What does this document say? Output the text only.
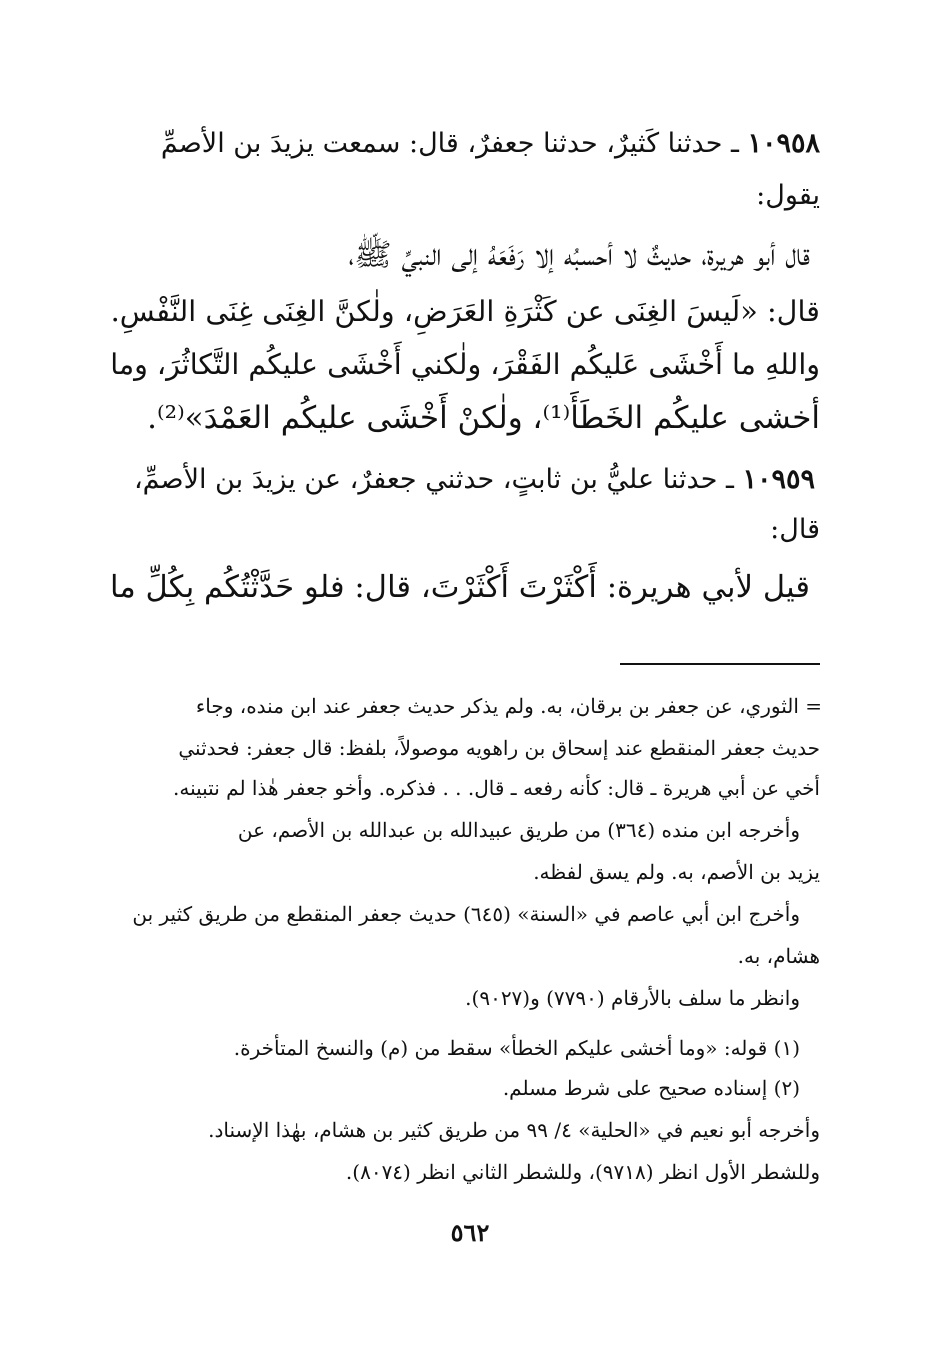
١٠٩٥٨ ـ حدثنا كَثيرٌ، حدثنا جعفرٌ، قال: سمعت يزيدَ بن الأصمِّ
يقول:
قال أبو هريرة، حديثٌ لا أحسبُه إلا رَفَعَهُ إلى النبيِّ ﷺ،
قال: «لَيسَ الغِنَى عن كَثْرَةِ العَرَضِ، ولٰكنَّ الغِنَى غِنَى النَّفْسِ.
واللهِ ما أَخْشَى عَليكُم الفَقْرَ، ولٰكني أَخْشَى عليكُم التَّكاثُرَ، وما
أخشى عليكُم الخَطَأَ⁽¹⁾، ولٰكنْ أَخْشَى عليكُم العَمْدَ»⁽²⁾.
١٠٩٥٩ ـ حدثنا عليُّ بن ثابتٍ، حدثني جعفرٌ، عن يزيدَ بن الأصمِّ،
قال:
قيل لأبي هريرة: أَكْثَرْتَ أَكْثَرْتَ، قال: فلو حَدَّثْتُكُم بِكُلِّ ما
= الثوري، عن جعفر بن برقان، به. ولم يذكر حديث جعفر عند ابن منده، وجاء
حديث جعفر المنقطع عند إسحاق بن راهويه موصولاً، بلفظ: قال جعفر: فحدثني
أخي عن أبي هريرة ـ قال: كأنه رفعه ـ قال. . . فذكره. وأخو جعفر هٰذا لم نتبينه.
وأخرجه ابن منده (٣٦٤) من طريق عبيدالله بن عبدالله بن الأصم، عن
يزيد بن الأصم، به. ولم يسق لفظه.
وأخرج ابن أبي عاصم في «السنة» (٦٤٥) حديث جعفر المنقطع من طريق كثير بن
هشام، به.
وانظر ما سلف بالأرقام (٧٧٩٠) و(٩٠٢٧).
(١) قوله: «وما أخشى عليكم الخطأ» سقط من (م) والنسخ المتأخرة.
(٢) إسناده صحيح على شرط مسلم.
وأخرجه أبو نعيم في «الحلية» ٤/ ٩٩ من طريق كثير بن هشام، بهٰذا الإسناد.
وللشطر الأول انظر (٩٧١٨)، وللشطر الثاني انظر (٨٠٧٤).
٥٦٢
